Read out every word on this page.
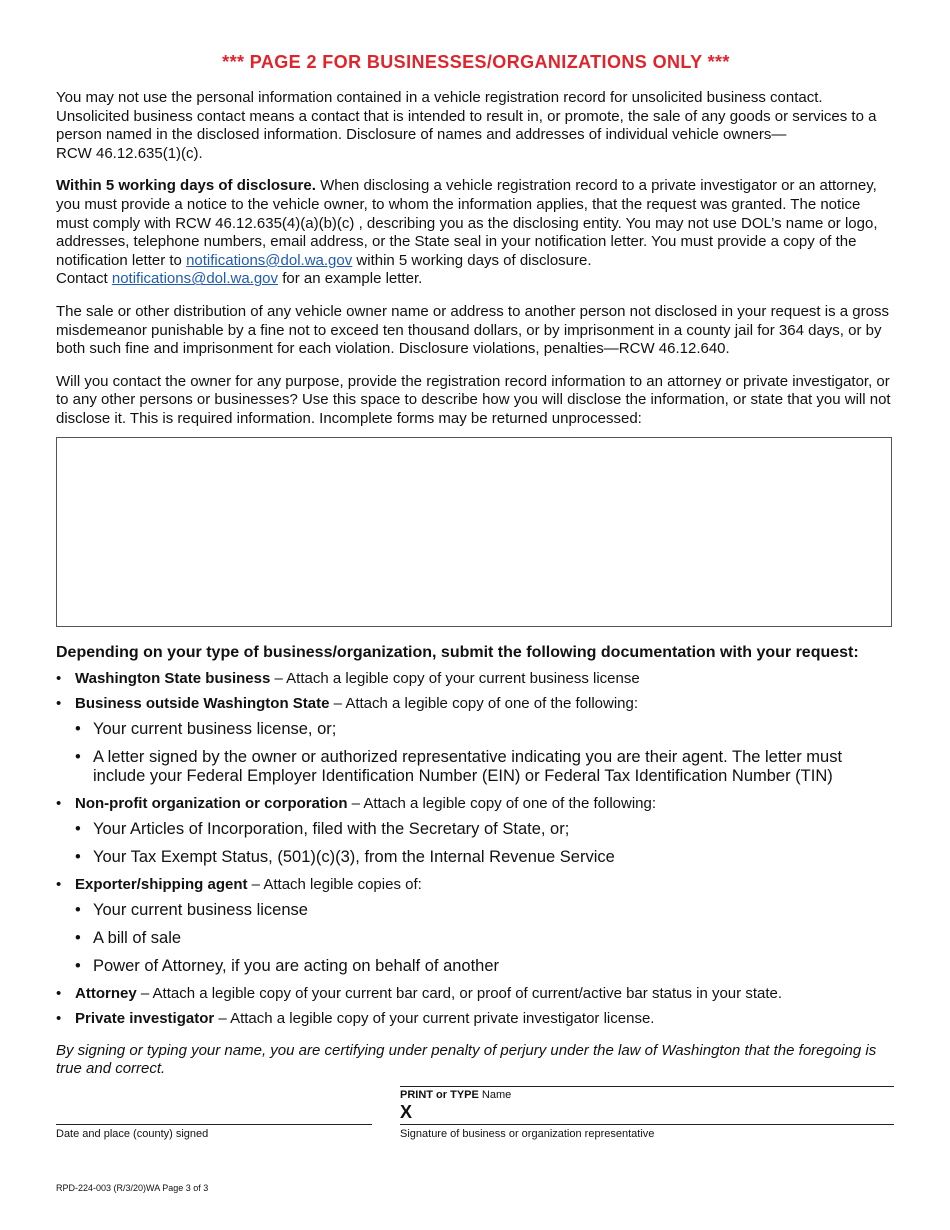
*** PAGE 2 FOR BUSINESSES/ORGANIZATIONS ONLY ***

You may not use the personal information contained in a vehicle registration record for unsolicited business contact. Unsolicited business contact means a contact that is intended to result in, or promote, the sale of any goods or services to a person named in the disclosed information. Disclosure of names and addresses of individual vehicle owners—
RCW 46.12.635(1)(c).

Within 5 working days of disclosure. When disclosing a vehicle registration record to a private investigator or an attorney, you must provide a notice to the vehicle owner, to whom the information applies, that the request was granted. The notice must comply with RCW 46.12.635(4)(a)(b)(c) , describing you as the disclosing entity. You may not use DOL’s name or logo, addresses, telephone numbers, email address, or the State seal in your notification letter. You must provide a copy of the notification letter to notifications@dol.wa.gov within 5 working days of disclosure.
Contact notifications@dol.wa.gov for an example letter.

The sale or other distribution of any vehicle owner name or address to another person not disclosed in your request is a gross misdemeanor punishable by a fine not to exceed ten thousand dollars, or by imprisonment in a county jail for 364 days, or by both such fine and imprisonment for each violation. Disclosure violations, penalties—RCW 46.12.640.

Will you contact the owner for any purpose, provide the registration record information to an attorney or private investigator, or to any other persons or businesses? Use this space to describe how you will disclose the information, or state that you will not disclose it. This is required information. Incomplete forms may be returned unprocessed:

Depending on your type of business/organization, submit the following documentation with your request:
• Washington State business – Attach a legible copy of your current business license
• Business outside Washington State – Attach a legible copy of one of the following:
• Your current business license, or;
• A letter signed by the owner or authorized representative indicating you are their agent. The letter must include your Federal Employer Identification Number (EIN) or Federal Tax Identification Number (TIN)
• Non-profit organization or corporation – Attach a legible copy of one of the following:
• Your Articles of Incorporation, filed with the Secretary of State, or;
• Your Tax Exempt Status, (501)(c)(3), from the Internal Revenue Service
• Exporter/shipping agent – Attach legible copies of:
• Your current business license
• A bill of sale
• Power of Attorney, if you are acting on behalf of another
• Attorney – Attach a legible copy of your current bar card, or proof of current/active bar status in your state.
• Private investigator – Attach a legible copy of your current private investigator license.

By signing or typing your name, you are certifying under penalty of perjury under the law of Washington that the foregoing is true and correct.

Date and place (county) signed
PRINT or TYPE Name
X
Signature of business or organization representative
RPD-224-003 (R/3/20)WA Page 3 of 3
